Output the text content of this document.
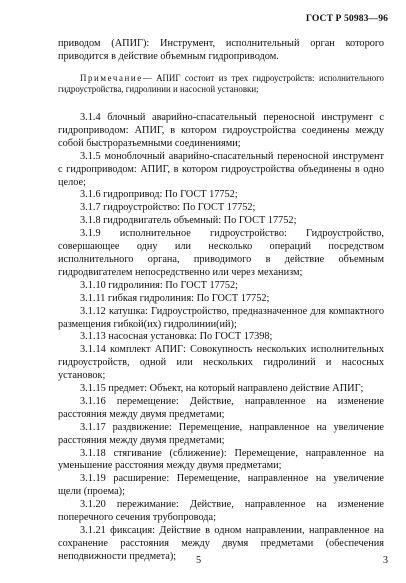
ГОСТ Р 50983—96

приводом (АПИГ): Инструмент, исполнительный орган которого приводится в действие объемным гидроприводом.

Примечание— АПИГ состоит из трех гидроустройств: исполнительного гидроустройства, гидролинии и насосной установки;

3.1.4 блочный аварийно-спасательный переносной инструмент с гидроприводом: АПИГ, в котором гидроустройства соединены между собой быстроразъемными соединениями;

3.1.5 моноблочный аварийно-спасательный переносной инструмент с гидроприводом: АПИГ, в котором гидроустройства объединены в одно целое;

3.1.6 гидропривод: По ГОСТ 17752;

3.1.7 гидроустройство: По ГОСТ 17752;

3.1.8 гидродвигатель объемный: По ГОСТ 17752;

3.1.9 исполнительное гидроустройство: Гидроустройство, совершающее одну или несколько операций посредством исполнительного органа, приводимого в действие объемным гидродвигателем непосредственно или через механизм;

3.1.10 гидролиния: По ГОСТ 17752;

3.1.11 гибкая гидролиния: По ГОСТ 17752;

3.1.12 катушка: Гидроустройство, предназначенное для компактного размещения гибкой(их) гидролинии(ий);

3.1.13 насосная установка: По ГОСТ 17398;

3.1.14 комплект АПИГ: Совокупность нескольких исполнительных гидроустройств, одной или нескольких гидролиний и насосных установок;

3.1.15 предмет: Объект, на который направлено действие АПИГ;

3.1.16 перемещение: Действие, направленное на изменение расстояния между двумя предметами;

3.1.17 раздвижение: Перемещение, направленное на увеличение расстояния между двумя предметами;

3.1.18 стягивание (сближение): Перемещение, направленное на уменьшение расстояния между двумя предметами;

3.1.19 расширение: Перемещение, направленное на увеличение щели (проема);

3.1.20 пережимание: Действие, направленное на изменение поперечного сечения трубопровода;

3.1.21 фиксация: Действие в одном направлении, направленное на сохранение расстояния между двумя предметами (обеспечения неподвижности предмета);	5	3
